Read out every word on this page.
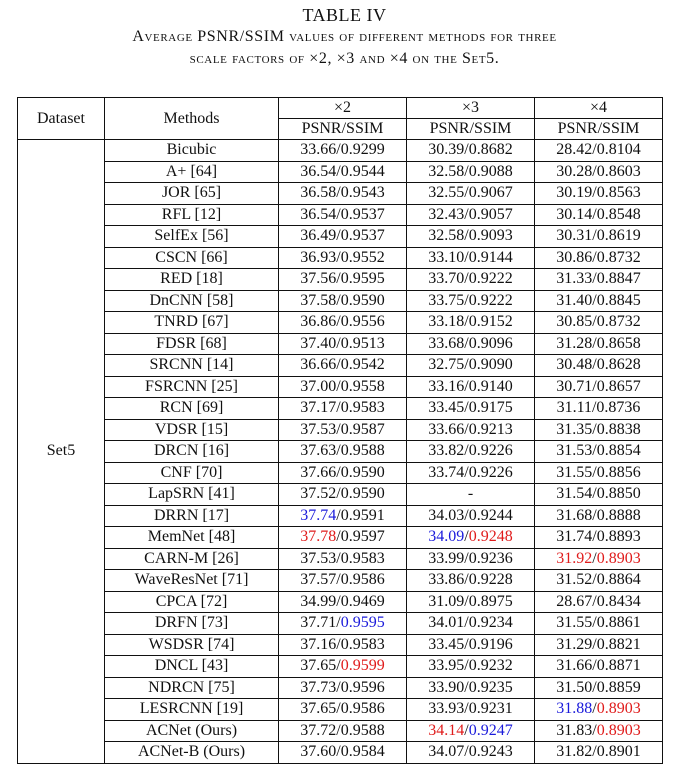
TABLE IV
Average PSNR/SSIM values of different methods for three
scale factors of ×2, ×3 and ×4 on the Set5.
Dataset	Methods	×2	×3	×4
		PSNR/SSIM	PSNR/SSIM	PSNR/SSIM
Set5	Bicubic	33.66/0.9299	30.39/0.8682	28.42/0.8104
	A+ [64]	36.54/0.9544	32.58/0.9088	30.28/0.8603
	JOR [65]	36.58/0.9543	32.55/0.9067	30.19/0.8563
	RFL [12]	36.54/0.9537	32.43/0.9057	30.14/0.8548
	SelfEx [56]	36.49/0.9537	32.58/0.9093	30.31/0.8619
	CSCN [66]	36.93/0.9552	33.10/0.9144	30.86/0.8732
	RED [18]	37.56/0.9595	33.70/0.9222	31.33/0.8847
	DnCNN [58]	37.58/0.9590	33.75/0.9222	31.40/0.8845
	TNRD [67]	36.86/0.9556	33.18/0.9152	30.85/0.8732
	FDSR [68]	37.40/0.9513	33.68/0.9096	31.28/0.8658
	SRCNN [14]	36.66/0.9542	32.75/0.9090	30.48/0.8628
	FSRCNN [25]	37.00/0.9558	33.16/0.9140	30.71/0.8657
	RCN [69]	37.17/0.9583	33.45/0.9175	31.11/0.8736
	VDSR [15]	37.53/0.9587	33.66/0.9213	31.35/0.8838
	DRCN [16]	37.63/0.9588	33.82/0.9226	31.53/0.8854
	CNF [70]	37.66/0.9590	33.74/0.9226	31.55/0.8856
	LapSRN [41]	37.52/0.9590	-	31.54/0.8850
	DRRN [17]	37.74/0.9591	34.03/0.9244	31.68/0.8888
	MemNet [48]	37.78/0.9597	34.09/0.9248	31.74/0.8893
	CARN-M [26]	37.53/0.9583	33.99/0.9236	31.92/0.8903
	WaveResNet [71]	37.57/0.9586	33.86/0.9228	31.52/0.8864
	CPCA [72]	34.99/0.9469	31.09/0.8975	28.67/0.8434
	DRFN [73]	37.71/0.9595	34.01/0.9234	31.55/0.8861
	WSDSR [74]	37.16/0.9583	33.45/0.9196	31.29/0.8821
	DNCL [43]	37.65/0.9599	33.95/0.9232	31.66/0.8871
	NDRCN [75]	37.73/0.9596	33.90/0.9235	31.50/0.8859
	LESRCNN [19]	37.65/0.9586	33.93/0.9231	31.88/0.8903
	ACNet (Ours)	37.72/0.9588	34.14/0.9247	31.83/0.8903
	ACNet-B (Ours)	37.60/0.9584	34.07/0.9243	31.82/0.8901
